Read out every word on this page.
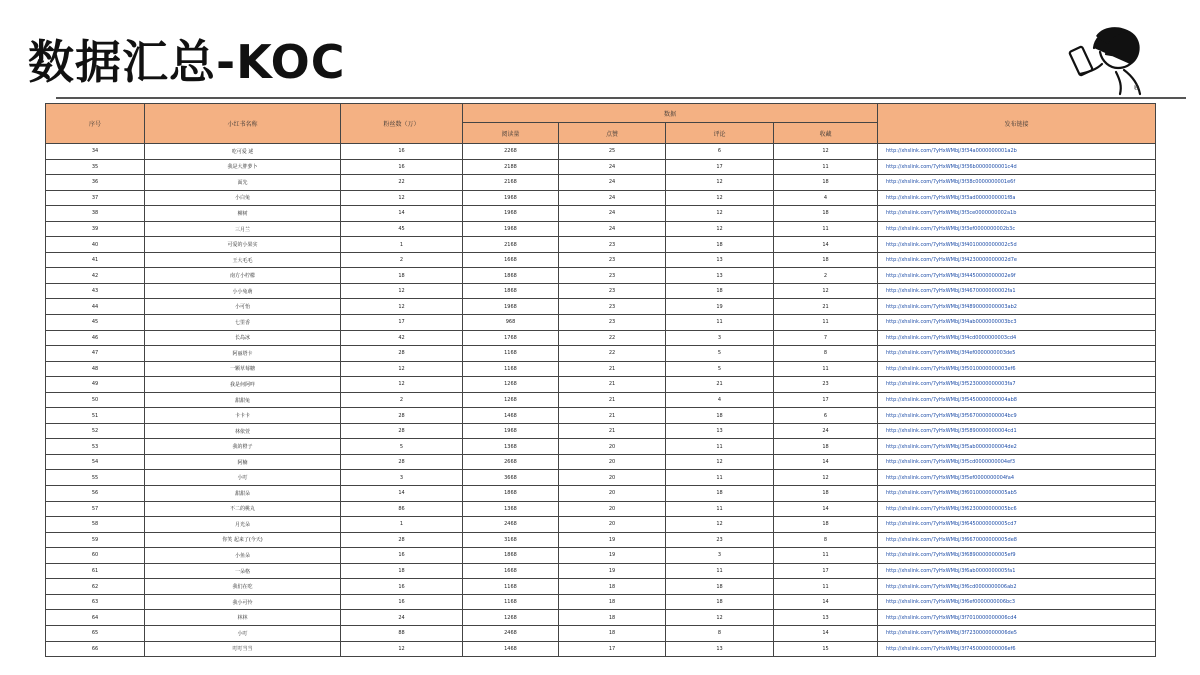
数据汇总-KOC	®
序号	小红书名称	粉丝数（万）	数据				发布链接
			阅读量	点赞	评论	收藏	
34	吃可爱 逑	16	2268	25	6	12	http://xhslink.com/7yHxWMbj/3f34a0000000001a2b
35	我是大胖萝卜	16	2188	24	17	11	http://xhslink.com/7yHxWMbj/3f36b0000000001c4d
36	面先	22	2168	24	12	18	http://xhslink.com/7yHxWMbj/3f38c0000000001e6f
37	小白兔	12	1968	24	12	4	http://xhslink.com/7yHxWMbj/3f3ad0000000001f8a
38	柳树	14	1968	24	12	18	http://xhslink.com/7yHxWMbj/3f3ce0000000002a1b
39	三月兰	45	1968	24	12	11	http://xhslink.com/7yHxWMbj/3f3ef0000000002b3c
40	可爱的小果实	1	2168	23	18	14	http://xhslink.com/7yHxWMbj/3f4010000000002c5d
41	王大毛毛	2	1668	23	13	18	http://xhslink.com/7yHxWMbj/3f4230000000002d7e
42	南方小柠檬	18	1868	23	13	2	http://xhslink.com/7yHxWMbj/3f4450000000002e9f
43	小小兔萌	12	1868	23	18	12	http://xhslink.com/7yHxWMbj/3f4670000000002fa1
44	小可怡	12	1968	23	19	21	http://xhslink.com/7yHxWMbj/3f4890000000003ab2
45	七里香	17	968	23	11	11	http://xhslink.com/7yHxWMbj/3f4ab0000000003bc3
46	长岛冰	42	1768	22	3	7	http://xhslink.com/7yHxWMbj/3f4cd0000000003cd4
47	阿丽塔卡	28	1168	22	5	8	http://xhslink.com/7yHxWMbj/3f4ef0000000003de5
48	一颗草莓糖	12	1168	21	5	11	http://xhslink.com/7yHxWMbj/3f5010000000003ef6
49	我是何阿咩	12	1268	21	21	23	http://xhslink.com/7yHxWMbj/3f5230000000003fa7
50	甜甜兔	2	1268	21	4	17	http://xhslink.com/7yHxWMbj/3f5450000000004ab8
51	卡卡卡	28	1468	21	18	6	http://xhslink.com/7yHxWMbj/3f5670000000004bc9
52	林依萱	28	1968	21	13	24	http://xhslink.com/7yHxWMbj/3f5890000000004cd1
53	我的橙子	5	1368	20	11	18	http://xhslink.com/7yHxWMbj/3f5ab0000000004de2
54	阿楠	28	2668	20	12	14	http://xhslink.com/7yHxWMbj/3f5cd0000000004ef3
55	小叮	3	3668	20	11	12	http://xhslink.com/7yHxWMbj/3f5ef0000000004fa4
56	甜甜朵	14	1868	20	18	18	http://xhslink.com/7yHxWMbj/3f6010000000005ab5
57	不二的桃丸	86	1368	20	11	14	http://xhslink.com/7yHxWMbj/3f6230000000005bc6
58	月光朵	1	2468	20	12	18	http://xhslink.com/7yHxWMbj/3f6450000000005cd7
59	你笑 起来了(今天)	28	3168	19	23	8	http://xhslink.com/7yHxWMbj/3f6670000000005de8
60	小鱼朵	16	1868	19	3	11	http://xhslink.com/7yHxWMbj/3f6890000000005ef9
61	一朵格	18	1668	19	11	17	http://xhslink.com/7yHxWMbj/3f6ab0000000005fa1
62	我们在吃	16	1168	18	18	11	http://xhslink.com/7yHxWMbj/3f6cd0000000006ab2
63	我小可怜	16	1168	18	18	14	http://xhslink.com/7yHxWMbj/3f6ef0000000006bc3
64	林林	24	1268	18	12	13	http://xhslink.com/7yHxWMbj/3f7010000000006cd4
65	小叮	88	2468	18	8	14	http://xhslink.com/7yHxWMbj/3f7230000000006de5
66	叮叮当当	12	1468	17	13	15	http://xhslink.com/7yHxWMbj/3f7450000000006ef6
